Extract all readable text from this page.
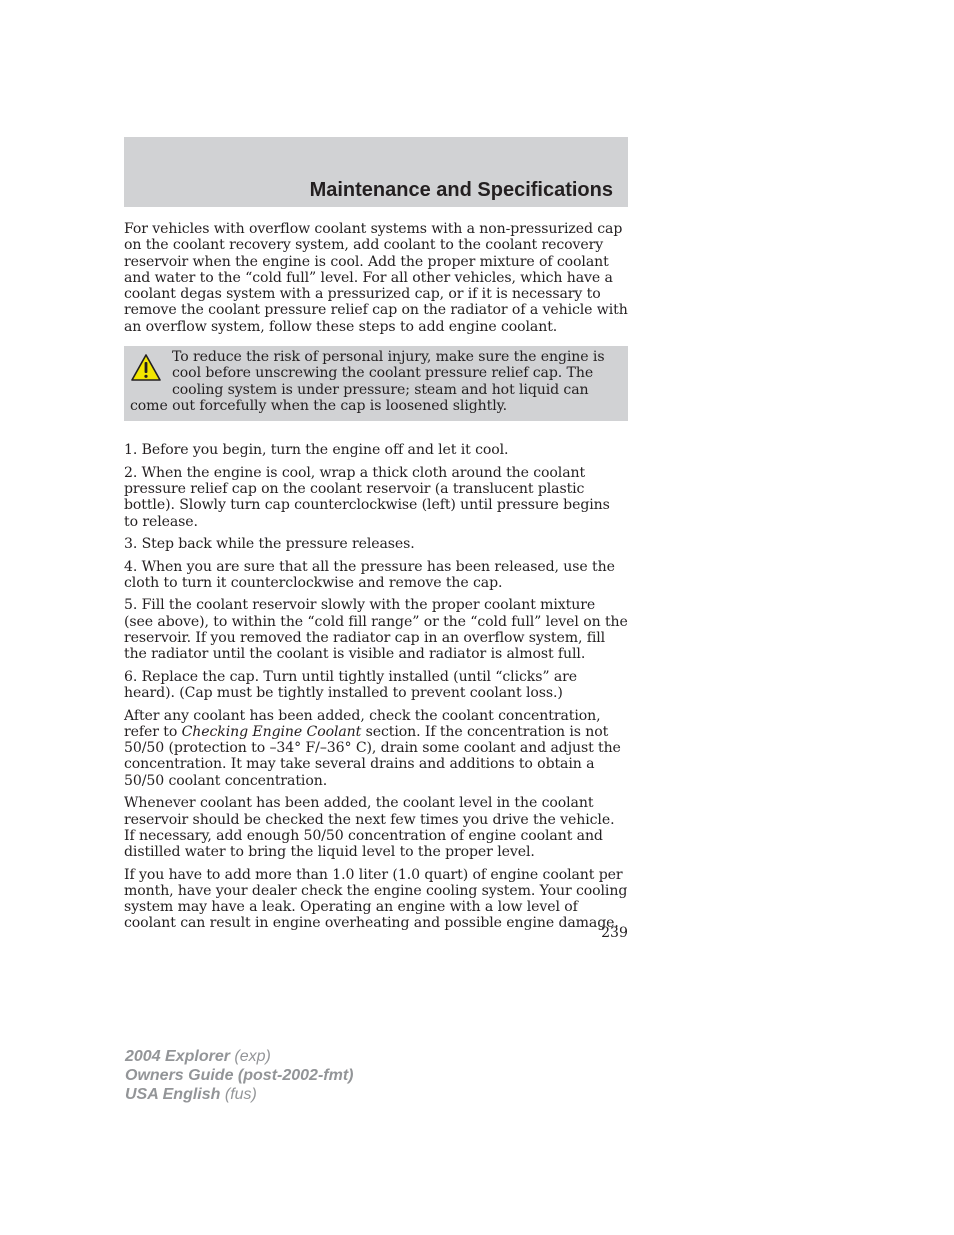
Maintenance and Specifications

For vehicles with overflow coolant systems with a non-pressurized cap on the coolant recovery system, add coolant to the coolant recovery reservoir when the engine is cool. Add the proper mixture of coolant and water to the “cold full” level. For all other vehicles, which have a coolant degas system with a pressurized cap, or if it is necessary to remove the coolant pressure relief cap on the radiator of a vehicle with an overflow system, follow these steps to add engine coolant.

To reduce the risk of personal injury, make sure the engine is cool before unscrewing the coolant pressure relief cap. The cooling system is under pressure; steam and hot liquid can come out forcefully when the cap is loosened slightly.

1. Before you begin, turn the engine off and let it cool.

2. When the engine is cool, wrap a thick cloth around the coolant pressure relief cap on the coolant reservoir (a translucent plastic bottle). Slowly turn cap counterclockwise (left) until pressure begins to release.

3. Step back while the pressure releases.

4. When you are sure that all the pressure has been released, use the cloth to turn it counterclockwise and remove the cap.

5. Fill the coolant reservoir slowly with the proper coolant mixture (see above), to within the “cold fill range” or the “cold full” level on the reservoir. If you removed the radiator cap in an overflow system, fill the radiator until the coolant is visible and radiator is almost full.

6. Replace the cap. Turn until tightly installed (until “clicks” are heard). (Cap must be tightly installed to prevent coolant loss.)

After any coolant has been added, check the coolant concentration, refer to Checking Engine Coolant section. If the concentration is not 50/50 (protection to –34° F/–36° C), drain some coolant and adjust the concentration. It may take several drains and additions to obtain a 50/50 coolant concentration.

Whenever coolant has been added, the coolant level in the coolant reservoir should be checked the next few times you drive the vehicle. If necessary, add enough 50/50 concentration of engine coolant and distilled water to bring the liquid level to the proper level.

If you have to add more than 1.0 liter (1.0 quart) of engine coolant per month, have your dealer check the engine cooling system. Your cooling system may have a leak. Operating an engine with a low level of coolant can result in engine overheating and possible engine damage.

239
2004 Explorer (exp)
Owners Guide (post-2002-fmt)
USA English (fus)
